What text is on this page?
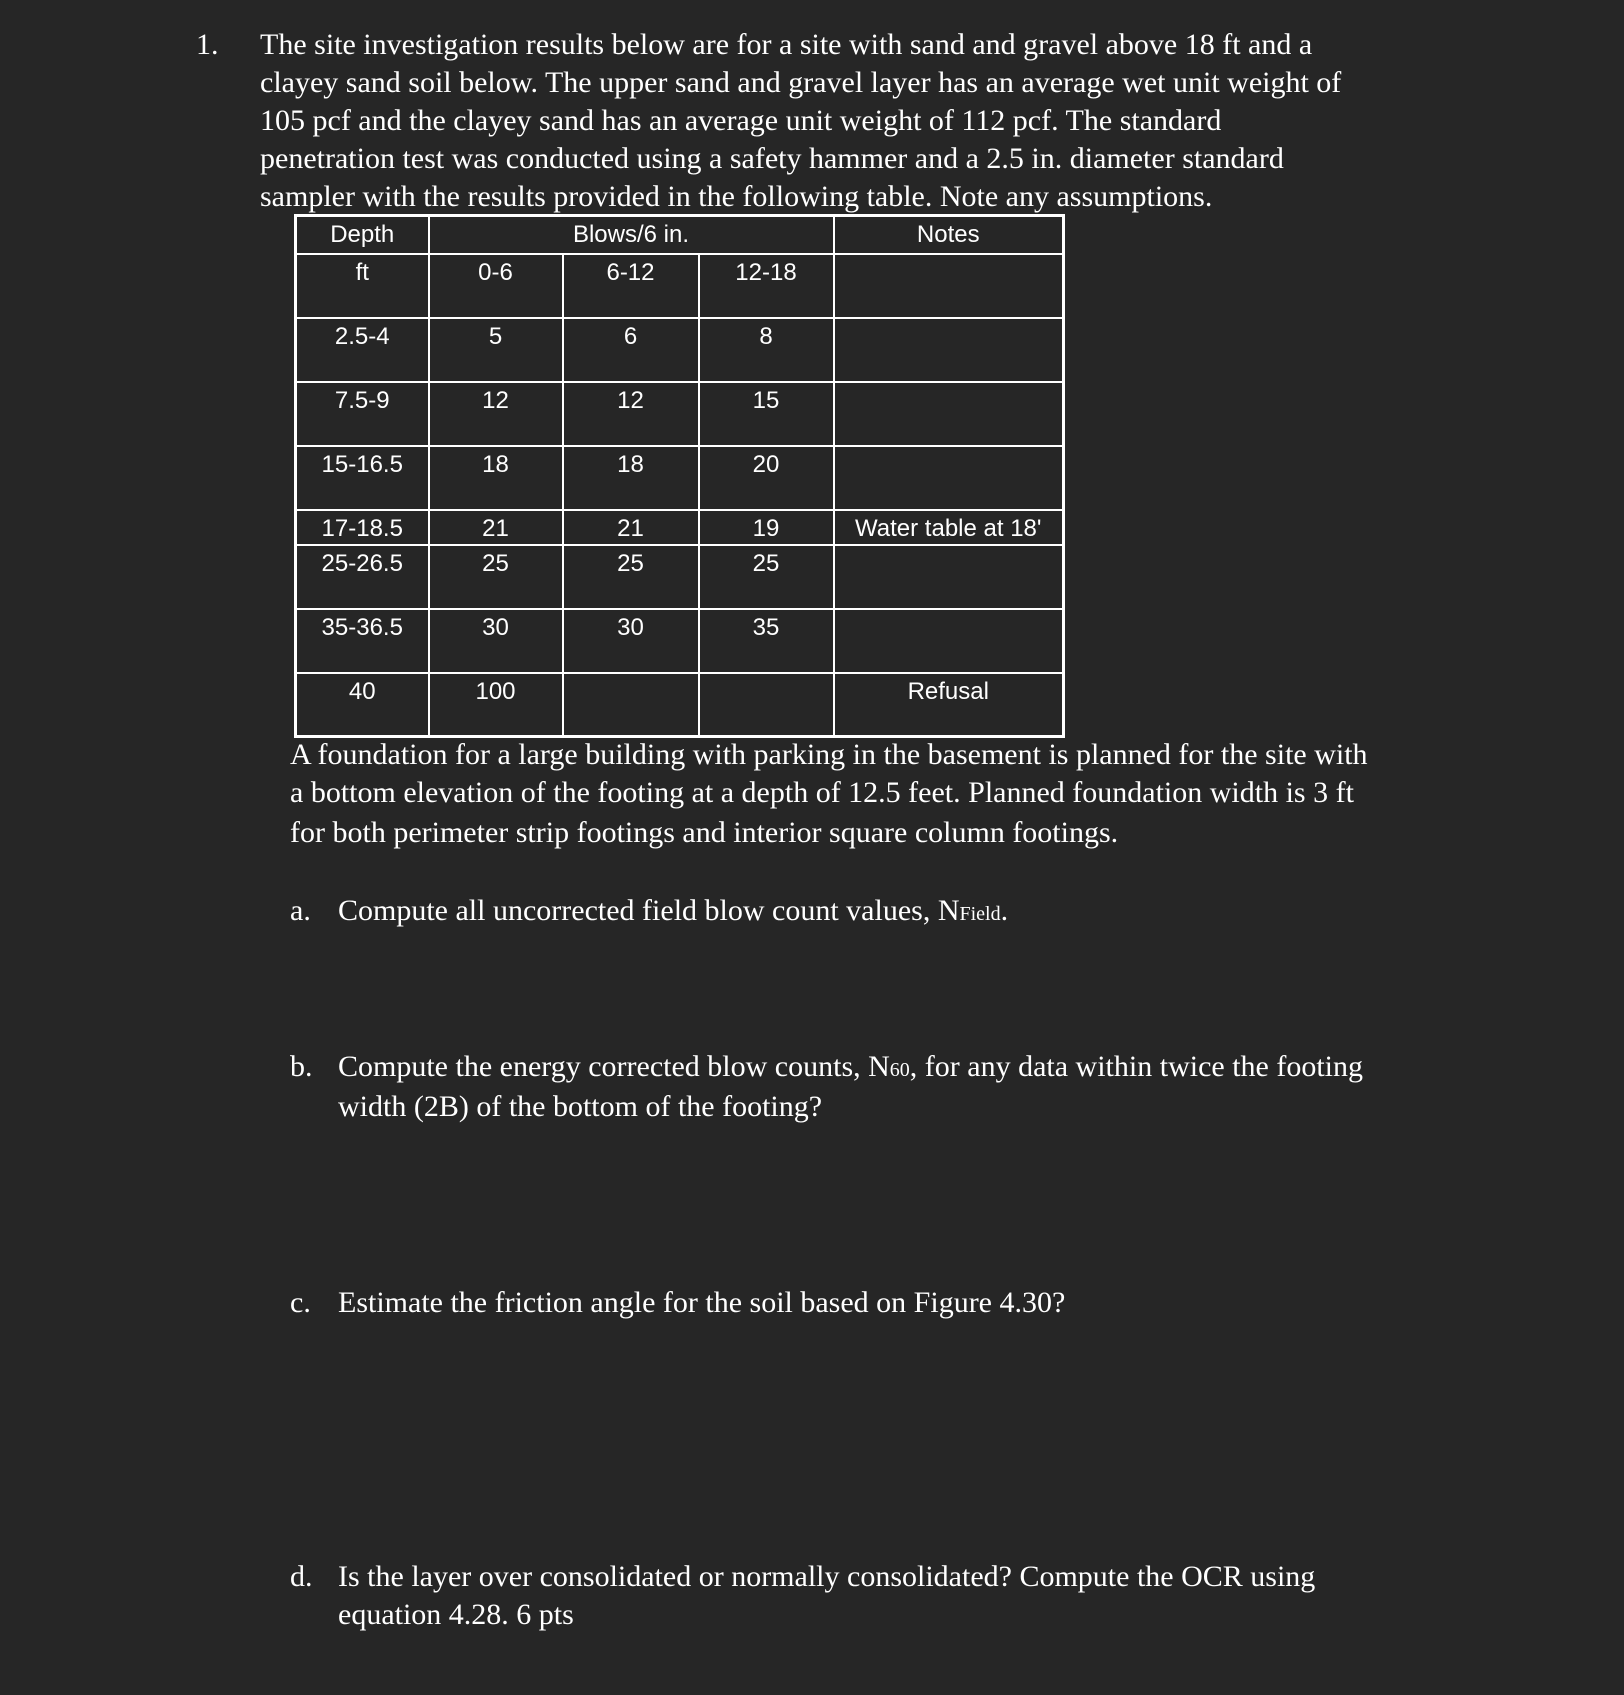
1. The site investigation results below are for a site with sand and gravel above 18 ft and a
clayey sand soil below. The upper sand and gravel layer has an average wet unit weight of
105 pcf and the clayey sand has an average unit weight of 112 pcf. The standard
penetration test was conducted using a safety hammer and a 2.5 in. diameter standard
sampler with the results provided in the following table. Note any assumptions.
Depth	Blows/6 in.			Notes
ft	0-6	6-12	12-18	
2.5-4	5	6	8	
7.5-9	12	12	15	
15-16.5	18	18	20	
17-18.5	21	21	19	Water table at 18'
25-26.5	25	25	25	
35-36.5	30	30	35	
40	100			Refusal
A foundation for a large building with parking in the basement is planned for the site with
a bottom elevation of the footing at a depth of 12.5 feet. Planned foundation width is 3 ft
for both perimeter strip footings and interior square column footings.
a. Compute all uncorrected field blow count values, NField.
b. Compute the energy corrected blow counts, N60, for any data within twice the footing
width (2B) of the bottom of the footing?
c. Estimate the friction angle for the soil based on Figure 4.30?
d. Is the layer over consolidated or normally consolidated? Compute the OCR using
equation 4.28. 6 pts
